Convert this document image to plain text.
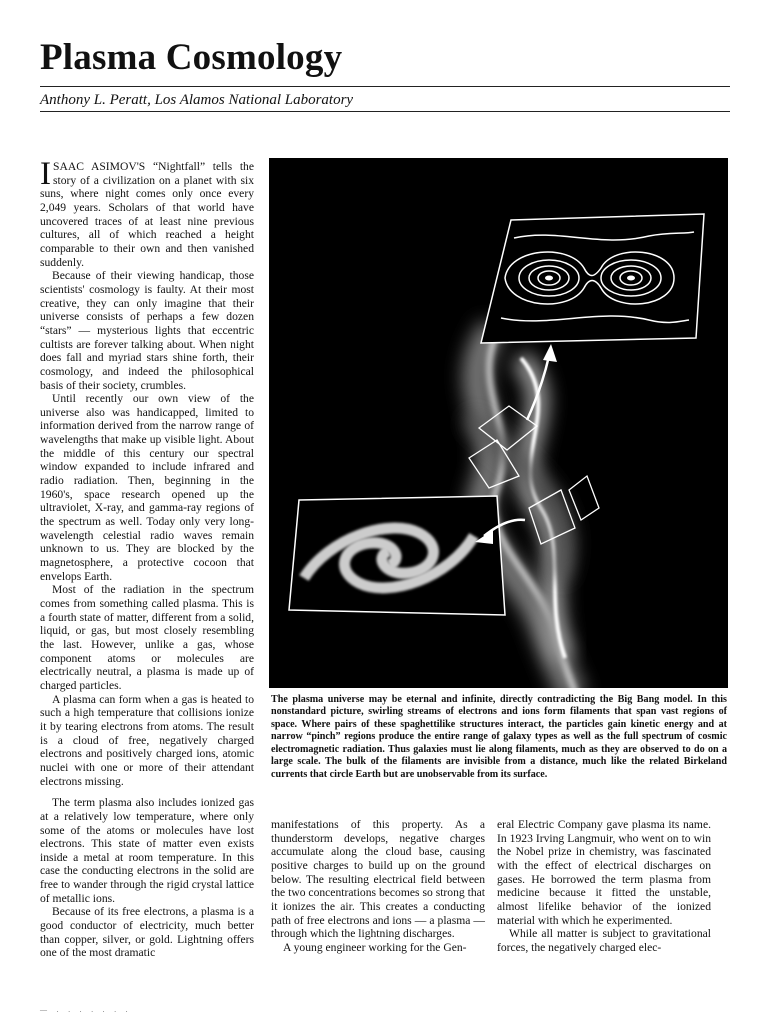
Plasma Cosmology
Anthony L. Peratt, Los Alamos National Laboratory

ISAAC ASIMOV'S “Nightfall” tells the story of a civilization on a planet with six suns, where night comes only once every 2,049 years. Scholars of that world have uncovered traces of at least nine previous cultures, all of which reached a height comparable to their own and then vanished suddenly.

Because of their viewing handicap, those scientists' cosmology is faulty. At their most creative, they can only imagine that their universe consists of perhaps a few dozen “stars” — mysterious lights that eccentric cultists are forever talking about. When night does fall and myriad stars shine forth, their cosmology, and indeed the philosophical basis of their society, crumbles.

Until recently our own view of the universe also was handicapped, limited to information derived from the narrow range of wavelengths that make up visible light. About the middle of this century our spectral window expanded to include infrared and radio radiation. Then, beginning in the 1960's, space research opened up the ultraviolet, X-ray, and gamma-ray regions of the spectrum as well. Today only very long-wavelength celestial radio waves remain unknown to us. They are blocked by the magnetosphere, a protective cocoon that envelops Earth.

Most of the radiation in the spectrum comes from something called plasma. This is a fourth state of matter, different from a solid, liquid, or gas, but most closely resembling the last. However, unlike a gas, whose component atoms or molecules are electrically neutral, a plasma is made up of charged particles.

A plasma can form when a gas is heated to such a high temperature that collisions ionize it by tearing electrons from atoms. The result is a cloud of free, negatively charged electrons and positively charged ions, atomic nuclei with one or more of their attendant electrons missing.

The term plasma also includes ionized gas at a relatively low temperature, where only some of the atoms or molecules have lost electrons. This state of matter even exists inside a metal at room temperature. In this case the conducting electrons in the solid are free to wander through the rigid crystal lattice of metallic ions.

Because of its free electrons, a plasma is a good conductor of electricity, much better than copper, silver, or gold. Lightning offers one of the most dramatic

The plasma universe may be eternal and infinite, directly contradicting the Big Bang model. In this nonstandard picture, swirling streams of electrons and ions form filaments that span vast regions of space. Where pairs of these spaghettilike structures interact, the particles gain kinetic energy and at narrow “pinch” regions produce the entire range of galaxy types as well as the full spectrum of cosmic electromagnetic radiation. Thus galaxies must lie along filaments, much as they are observed to do on a large scale. The bulk of the filaments are invisible from a distance, much like the related Birkeland currents that circle Earth but are unobservable from its surface.

manifestations of this property. As a thunderstorm develops, negative charges accumulate along the cloud base, causing positive charges to build up on the ground below. The resulting electrical field between the two concentrations becomes so strong that it ionizes the air. This creates a conducting path of free electrons and ions — a plasma — through which the lightning discharges.

A young engineer working for the Gen-

eral Electric Company gave plasma its name. In 1923 Irving Langmuir, who went on to win the Nobel prize in chemistry, was fascinated with the effect of electrical discharges on gases. He borrowed the term plasma from medicine because it fitted the unstable, almost lifelike behavior of the ionized material with which he experimented.

While all matter is subject to gravitational forces, the negatively charged elec-

— . . . . . . .
